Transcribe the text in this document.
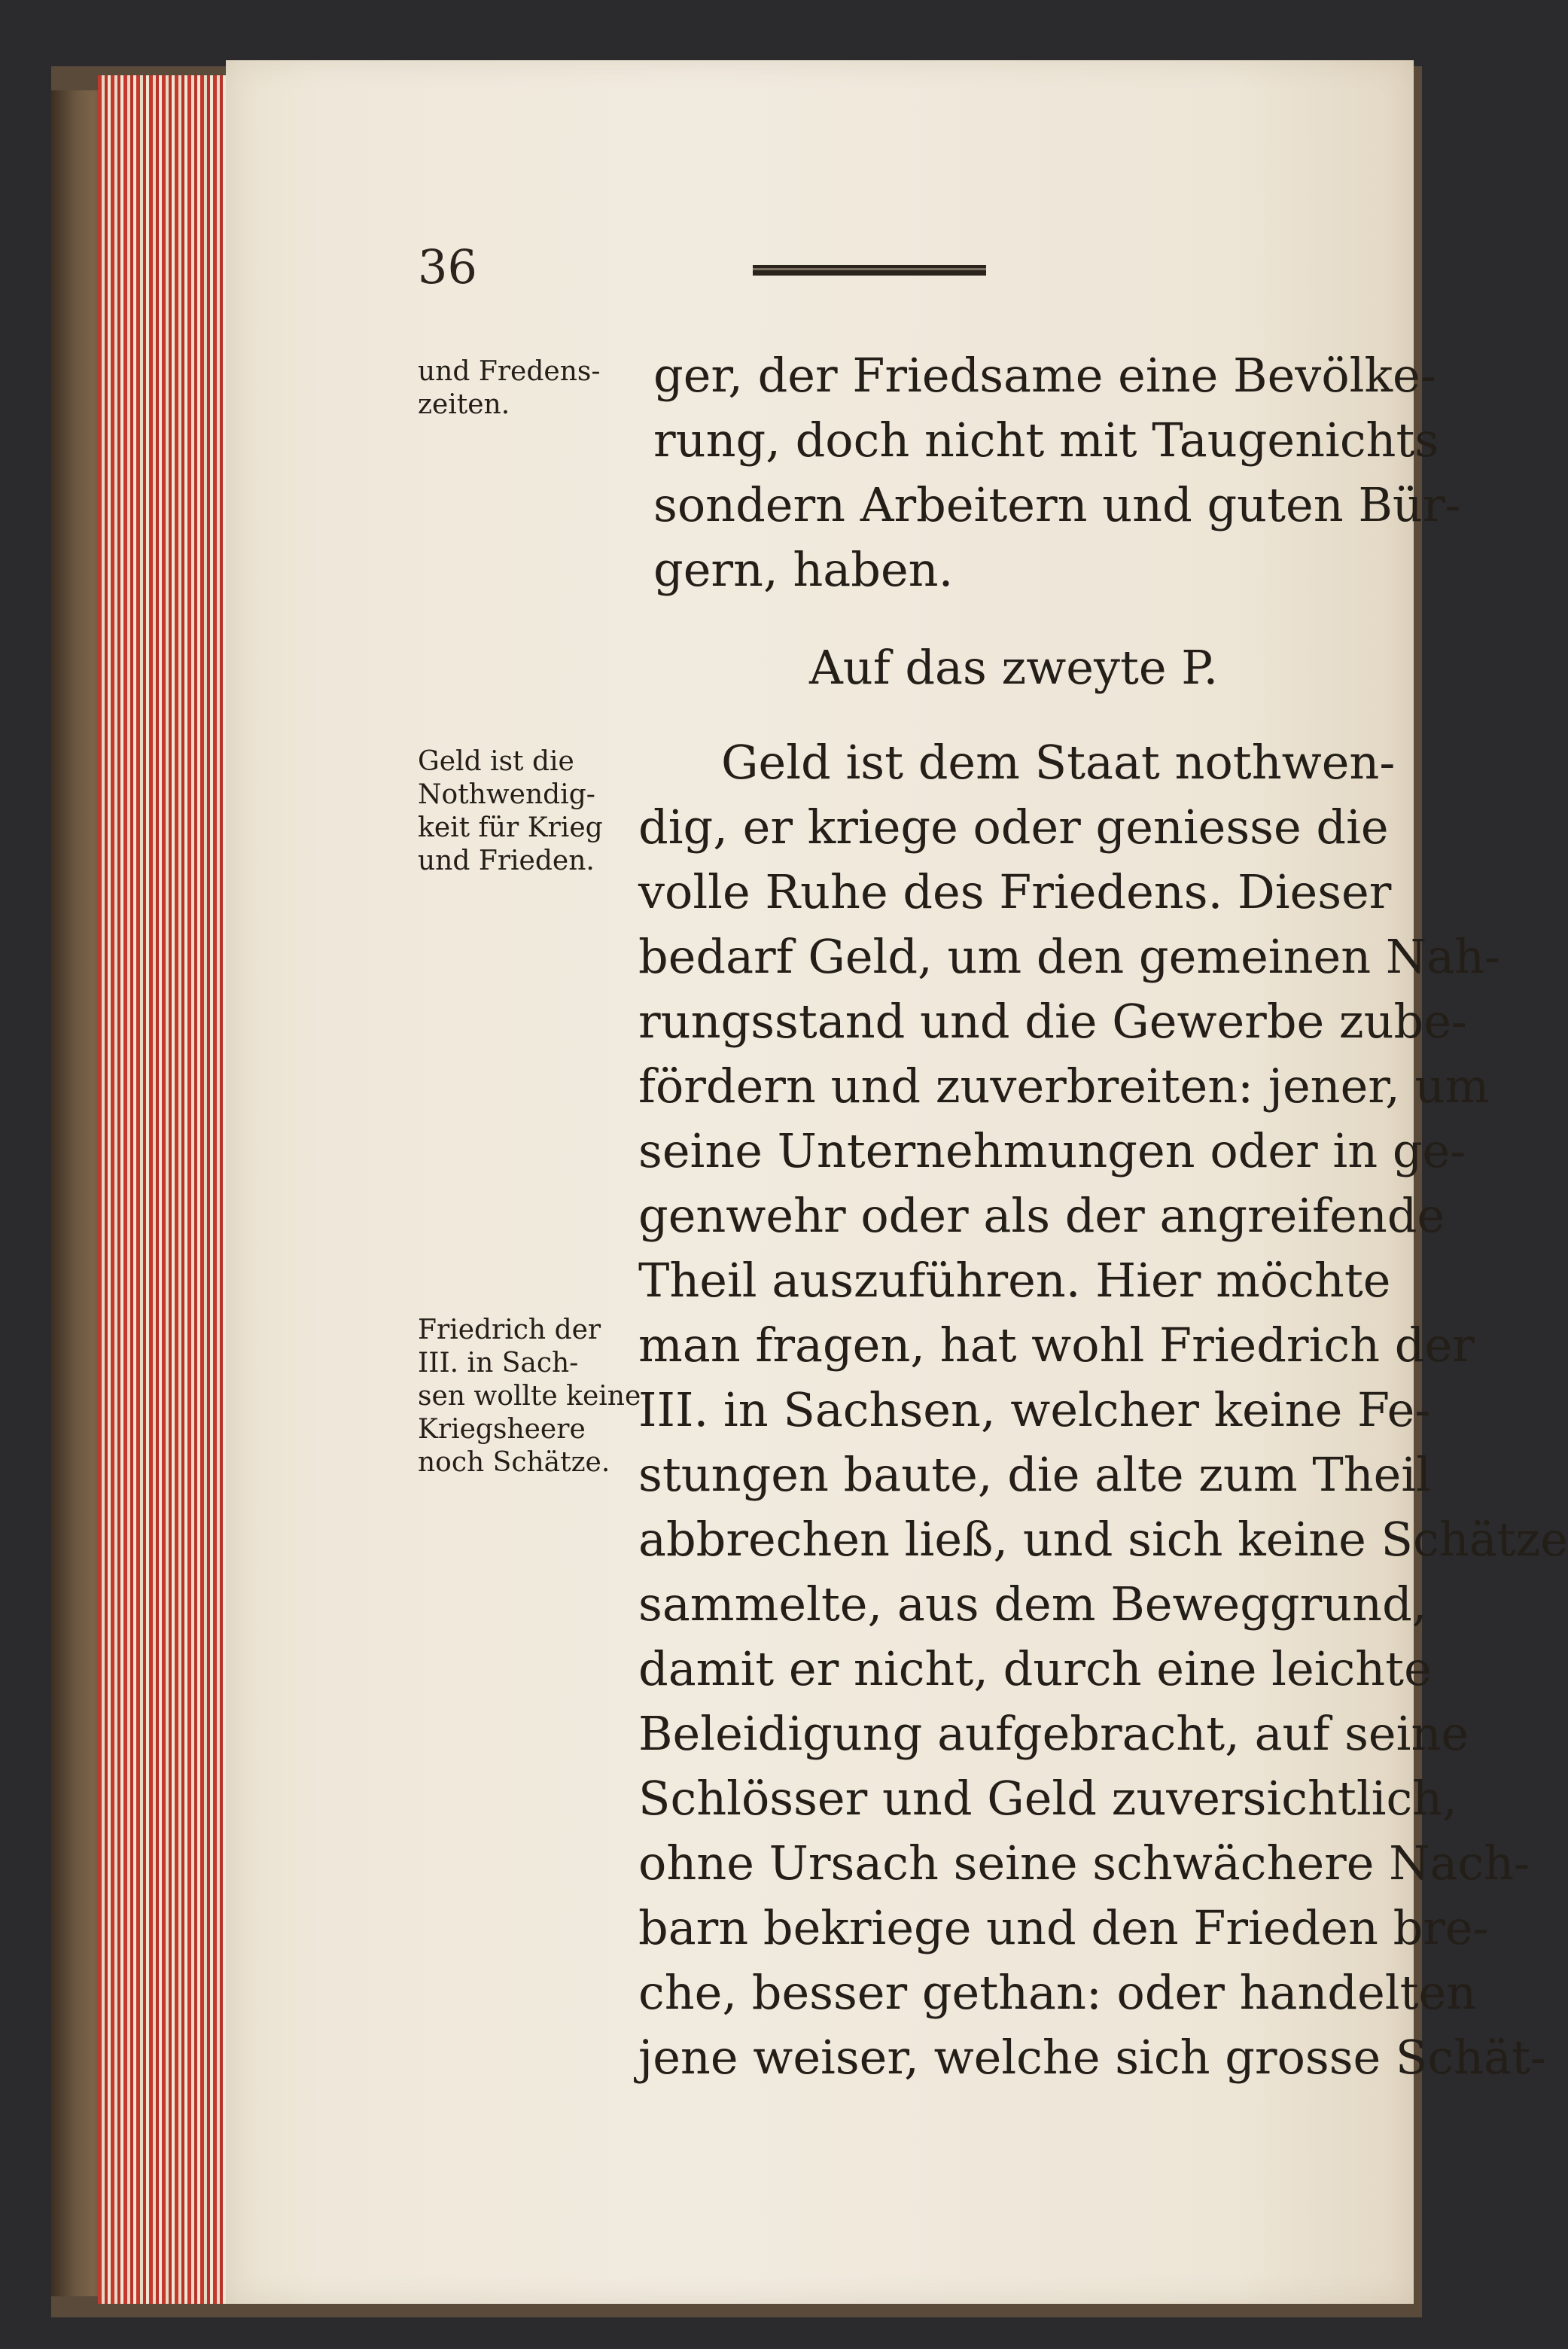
36
und Fredens-
zeiten.
Geld ist die
Nothwendig-
keit für Krieg
und Frieden.
Friedrich der
III. in Sach-
sen wollte keine
Kriegsheere
noch Schätze.
ger, der Friedsame eine Bevölke-
rung, doch nicht mit Taugenichts
sondern Arbeitern und guten Bür-
gern, haben.
Auf das zweyte P.
Geld ist dem Staat nothwen-
dig, er kriege oder geniesse die
volle Ruhe des Friedens. Dieser
bedarf Geld, um den gemeinen Nah-
rungsstand und die Gewerbe zube-
fördern und zuverbreiten: jener, um
seine Unternehmungen oder in ge-
genwehr oder als der angreifende
Theil auszuführen. Hier möchte
man fragen, hat wohl Friedrich der
III. in Sachsen, welcher keine Fe-
stungen baute, die alte zum Theil
abbrechen ließ, und sich keine Schätze
sammelte, aus dem Beweggrund,
damit er nicht, durch eine leichte
Beleidigung aufgebracht, auf seine
Schlösser und Geld zuversichtlich,
ohne Ursach seine schwächere Nach-
barn bekriege und den Frieden bre-
che, besser gethan: oder handelten
jene weiser, welche sich grosse Schät-
